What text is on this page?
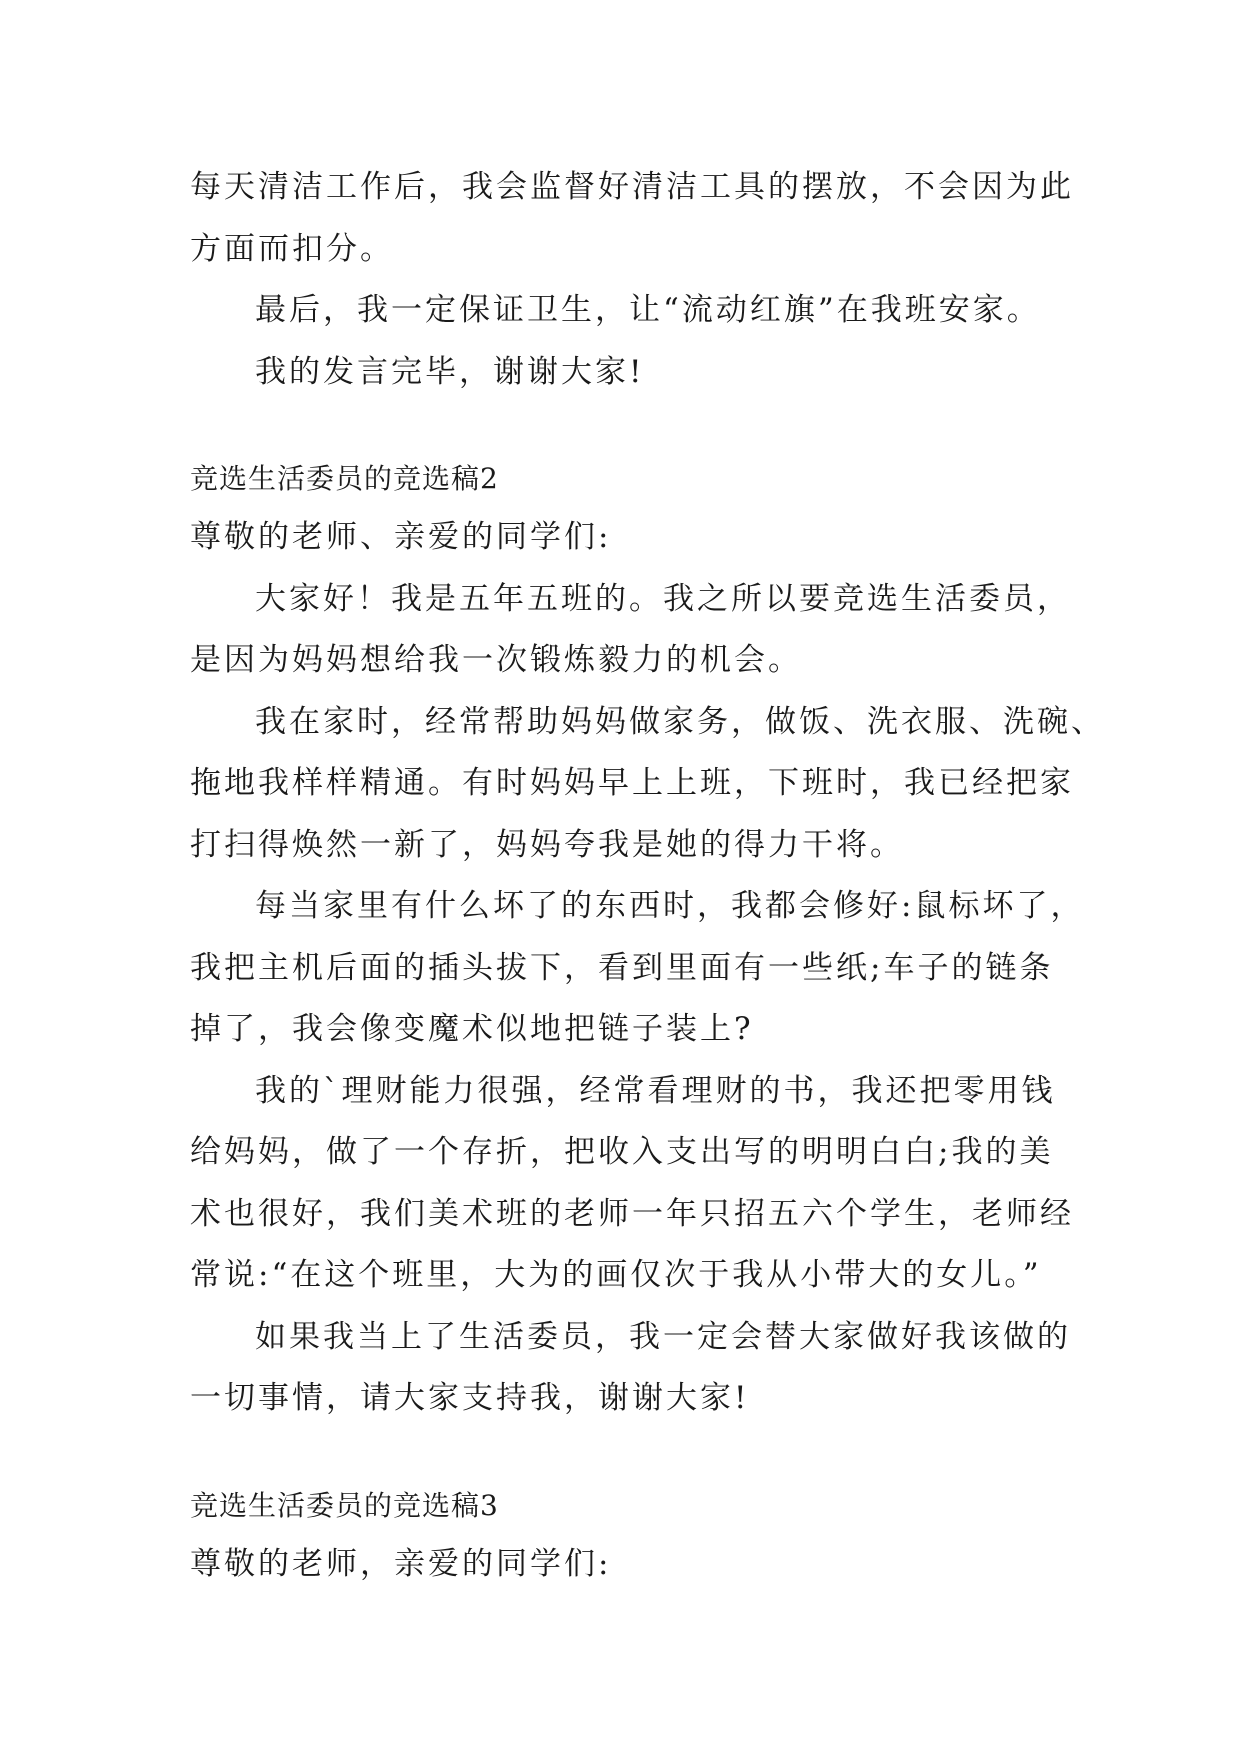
每天清洁工作后，我会监督好清洁工具的摆放，不会因为此

方面而扣分。

最后，我一定保证卫生，让“流动红旗”在我班安家。

我的发言完毕，谢谢大家!

竞选生活委员的竞选稿2

尊敬的老师、亲爱的同学们:

大家好！我是五年五班的。我之所以要竞选生活委员，

是因为妈妈想给我一次锻炼毅力的机会。

我在家时，经常帮助妈妈做家务，做饭、洗衣服、洗碗、

拖地我样样精通。有时妈妈早上上班，下班时，我已经把家

打扫得焕然一新了，妈妈夸我是她的得力干将。

每当家里有什么坏了的东西时，我都会修好:鼠标坏了，

我把主机后面的插头拔下，看到里面有一些纸;车子的链条

掉了，我会像变魔术似地把链子装上?

我的`理财能力很强，经常看理财的书，我还把零用钱

给妈妈，做了一个存折，把收入支出写的明明白白;我的美

术也很好，我们美术班的老师一年只招五六个学生，老师经

常说:“在这个班里，大为的画仅次于我从小带大的女儿。”

如果我当上了生活委员，我一定会替大家做好我该做的

一切事情，请大家支持我，谢谢大家!

竞选生活委员的竞选稿3

尊敬的老师，亲爱的同学们:
